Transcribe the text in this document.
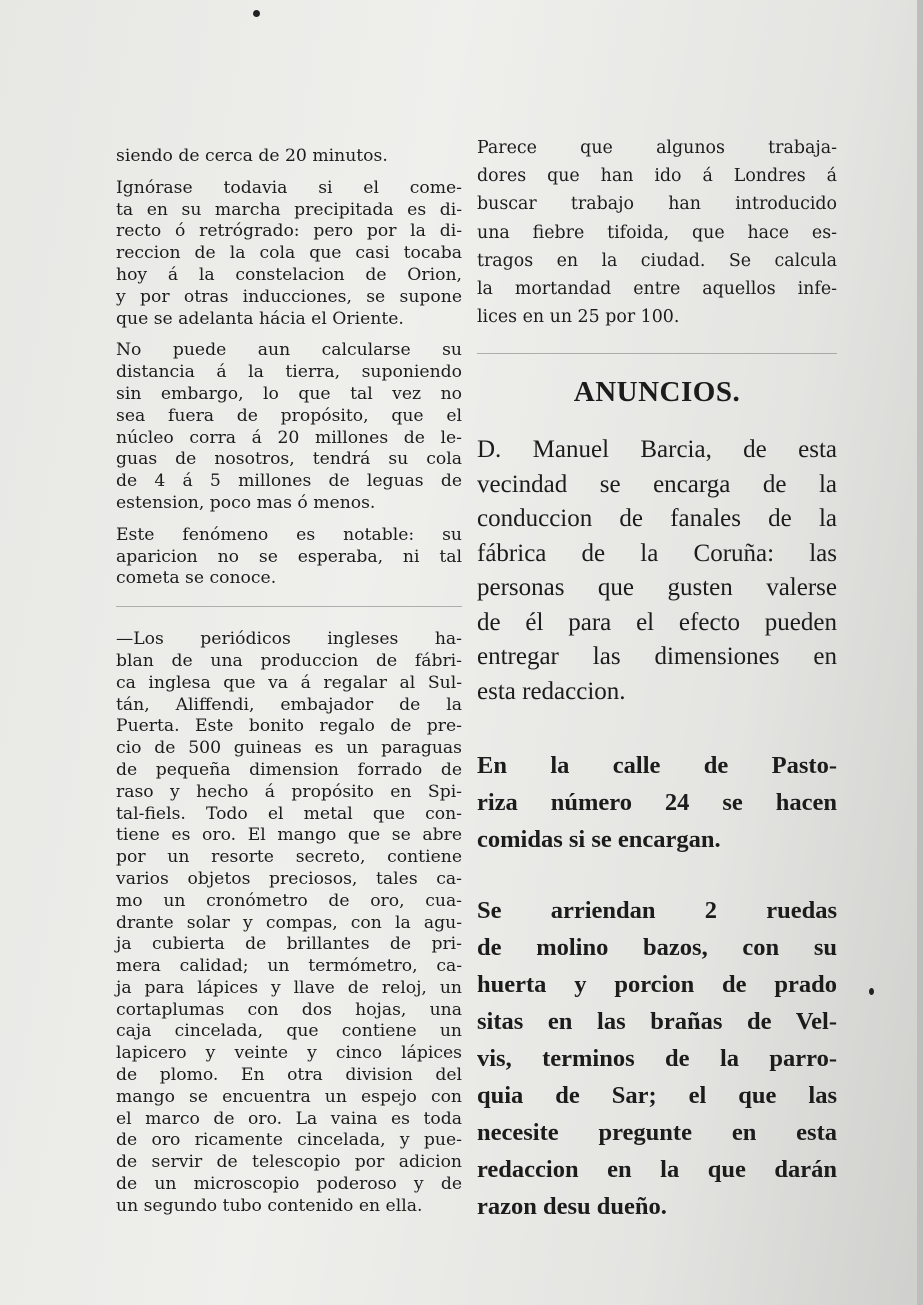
siendo de cerca de 20 minutos.
Ignórase todavia si el come-
ta en su marcha precipitada es di-
recto ó retrógrado: pero por la di-
reccion de la cola que casi tocaba
hoy á la constelacion de Orion,
y por otras inducciones, se supone
que se adelanta hácia el Oriente.
No puede aun calcularse su
distancia á la tierra, suponiendo
sin embargo, lo que tal vez no
sea fuera de propósito, que el
núcleo corra á 20 millones de le-
guas de nosotros, tendrá su cola
de 4 á 5 millones de leguas de
estension, poco mas ó menos.
Este fenómeno es notable: su
aparicion no se esperaba, ni tal
cometa se conoce.
—Los periódicos ingleses ha-
blan de una produccion de fábri-
ca inglesa que va á regalar al Sul-
tán, Aliffendi, embajador de la
Puerta. Este bonito regalo de pre-
cio de 500 guineas es un paraguas
de pequeña dimension forrado de
raso y hecho á propósito en Spi-
tal-fiels. Todo el metal que con-
tiene es oro. El mango que se abre
por un resorte secreto, contiene
varios objetos preciosos, tales ca-
mo un cronómetro de oro, cua-
drante solar y compas, con la agu-
ja cubierta de brillantes de pri-
mera calidad; un termómetro, ca-
ja para lápices y llave de reloj, un
cortaplumas con dos hojas, una
caja cincelada, que contiene un
lapicero y veinte y cinco lápices
de plomo. En otra division del
mango se encuentra un espejo con
el marco de oro. La vaina es toda
de oro ricamente cincelada, y pue-
de servir de telescopio por adicion
de un microscopio poderoso y de
un segundo tubo contenido en ella.
Parece que algunos trabaja-
dores que han ido á Londres á
buscar trabajo han introducido
una fiebre tifoida, que hace es-
tragos en la ciudad. Se calcula
la mortandad entre aquellos infe-
lices en un 25 por 100.
ANUNCIOS.
D. Manuel Barcia, de esta
vecindad se encarga de la
conduccion de fanales de la
fábrica de la Coruña: las
personas que gusten valerse
de él para el efecto pueden
entregar las dimensiones en
esta redaccion.
En la calle de Pasto-
riza número 24 se hacen
comidas si se encargan.
Se arriendan 2 ruedas
de molino bazos, con su
huerta y porcion de prado
sitas en las brañas de Vel-
vis, terminos de la parro-
quia de Sar; el que las
necesite pregunte en esta
redaccion en la que darán
razon desu dueño.
